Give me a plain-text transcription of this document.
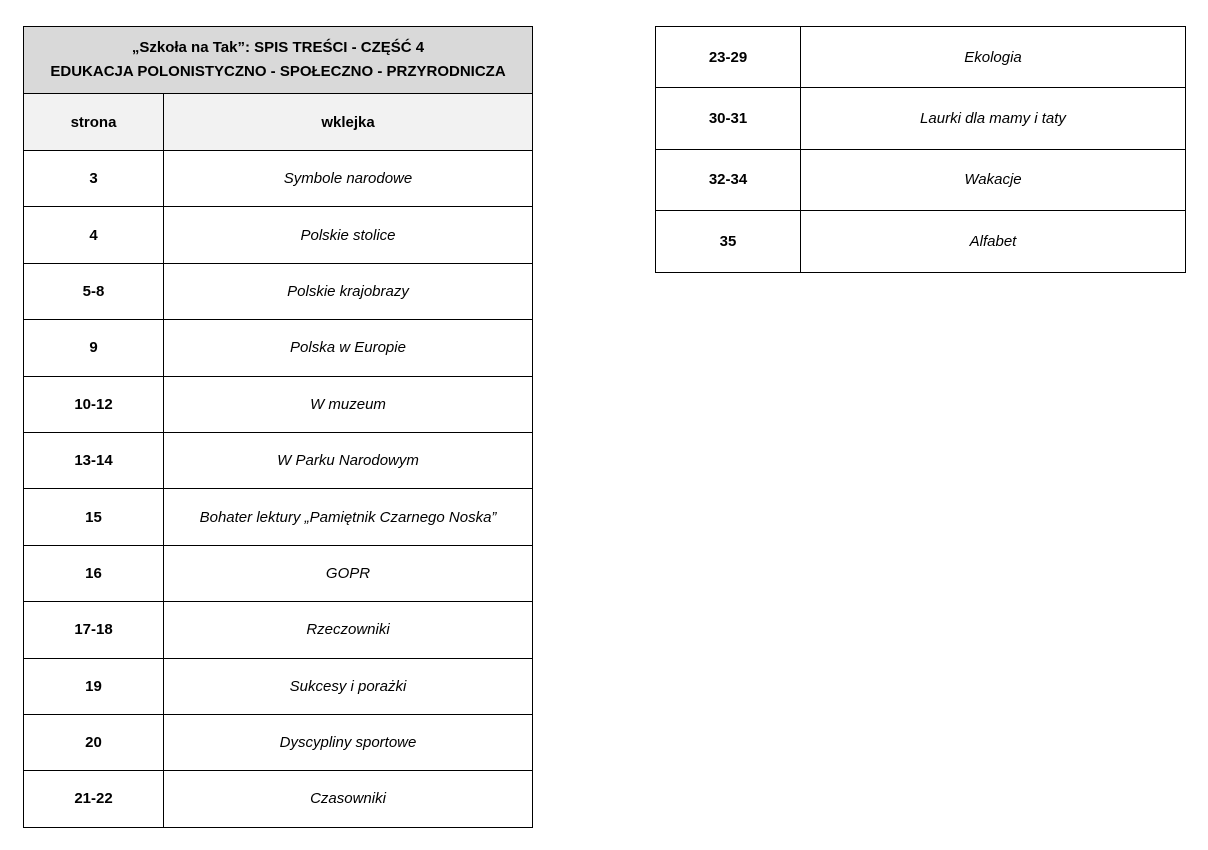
„Szkoła na Tak”: SPIS TREŚCI - CZĘŚĆ 4
EDUKACJA POLONISTYCZNO - SPOŁECZNO - PRZYRODNICZA	

strona	wklejka
3	Symbole narodowe
4	Polskie stolice
5-8	Polskie krajobrazy
9	Polska w Europie
10-12	W muzeum
13-14	W Parku Narodowym
15	Bohater lektury „Pamiętnik Czarnego Noska”
16	GOPR
17-18	Rzeczowniki
19	Sukcesy i porażki
20	Dyscypliny sportowe
21-22	Czasowniki
23-29	Ekologia
30-31	Laurki dla mamy i taty
32-34	Wakacje
35	Alfabet
